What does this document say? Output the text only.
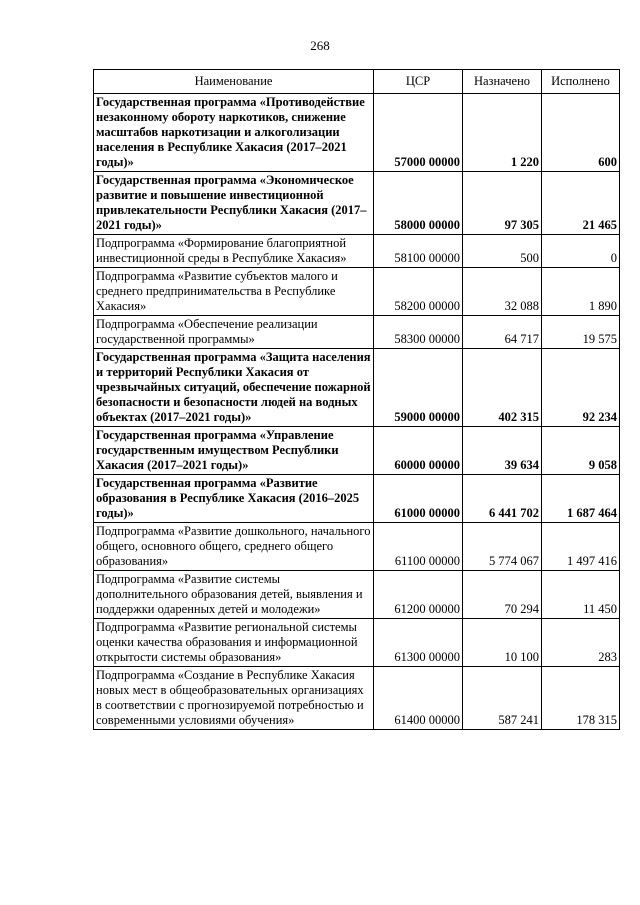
268
Наименование	ЦСР	Назначено	Исполнено
Государственная программа «Противодействие незаконному обороту наркотиков, снижение масштабов наркотизации и алкоголизации населения в Республике Хакасия (2017–2021 годы)»	57000 00000	1 220	600
Государственная программа «Экономическое развитие и повышение инвестиционной привлекательности Республики Хакасия (2017–2021 годы)»	58000 00000	97 305	21 465
Подпрограмма «Формирование благоприятной инвестиционной среды в Республике Хакасия»	58100 00000	500	0
Подпрограмма «Развитие субъектов малого и среднего предпринимательства в Республике Хакасия»	58200 00000	32 088	1 890
Подпрограмма «Обеспечение реализации государственной программы»	58300 00000	64 717	19 575
Государственная программа «Защита населения и территорий Республики Хакасия от чрезвычайных ситуаций, обеспечение пожарной безопасности и безопасности людей на водных объектах (2017–2021 годы)»	59000 00000	402 315	92 234
Государственная программа «Управление государственным имуществом Республики Хакасия (2017–2021 годы)»	60000 00000	39 634	9 058
Государственная программа «Развитие образования в Республике Хакасия (2016–2025 годы)»	61000 00000	6 441 702	1 687 464
Подпрограмма «Развитие дошкольного, начального общего, основного общего, среднего общего образования»	61100 00000	5 774 067	1 497 416
Подпрограмма «Развитие системы дополнительного образования детей, выявления и поддержки одаренных детей и молодежи»	61200 00000	70 294	11 450
Подпрограмма «Развитие региональной системы оценки качества образования и информационной открытости системы образования»	61300 00000	10 100	283
Подпрограмма «Создание в Республике Хакасия новых мест в общеобразовательных организациях в соответствии с прогнозируемой потребностью и современными условиями обучения»	61400 00000	587 241	178 315
